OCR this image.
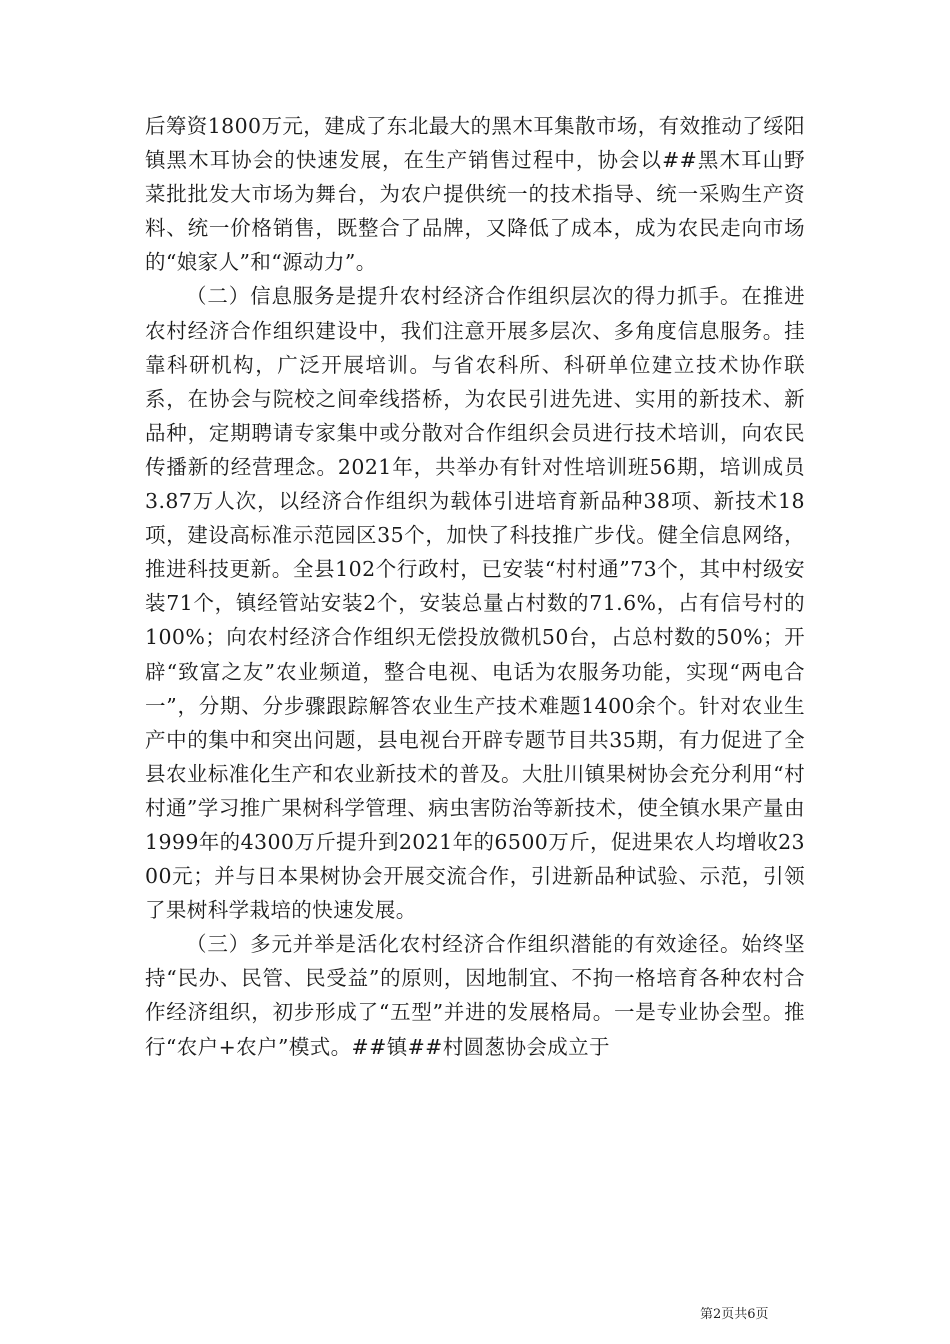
后筹资1800万元，建成了东北最大的黑木耳集散市场，有效推动了绥阳镇黑木耳协会的快速发展，在生产销售过程中，协会以##黑木耳山野菜批批发大市场为舞台，为农户提供统一的技术指导、统一采购生产资料、统一价格销售，既整合了品牌，又降低了成本，成为农民走向市场的“娘家人”和“源动力”。

（二）信息服务是提升农村经济合作组织层次的得力抓手。在推进农村经济合作组织建设中，我们注意开展多层次、多角度信息服务。挂靠科研机构，广泛开展培训。与省农科所、科研单位建立技术协作联系，在协会与院校之间牵线搭桥，为农民引进先进、实用的新技术、新品种，定期聘请专家集中或分散对合作组织会员进行技术培训，向农民传播新的经营理念。2021年，共举办有针对性培训班56期，培训成员3.87万人次，以经济合作组织为载体引进培育新品种38项、新技术18项，建设高标准示范园区35个，加快了科技推广步伐。健全信息网络，推进科技更新。全县102个行政村，已安装“村村通”73个，其中村级安装71个，镇经管站安装2个，安装总量占村数的71.6%，占有信号村的100%；向农村经济合作组织无偿投放微机50台，占总村数的50%；开辟“致富之友”农业频道，整合电视、电话为农服务功能，实现“两电合一”，分期、分步骤跟踪解答农业生产技术难题1400余个。针对农业生产中的集中和突出问题，县电视台开辟专题节目共35期，有力促进了全县农业标准化生产和农业新技术的普及。大肚川镇果树协会充分利用“村村通”学习推广果树科学管理、病虫害防治等新技术，使全镇水果产量由1999年的4300万斤提升到2021年的6500万斤，促进果农人均增收2300元；并与日本果树协会开展交流合作，引进新品种试验、示范，引领了果树科学栽培的快速发展。

（三）多元并举是活化农村经济合作组织潜能的有效途径。始终坚持“民办、民管、民受益”的原则，因地制宜、不拘一格培育各种农村合作经济组织，初步形成了“五型”并进的发展格局。一是专业协会型。推行“农户+农户”模式。##镇##村圆葱协会成立于

第2页共6页
